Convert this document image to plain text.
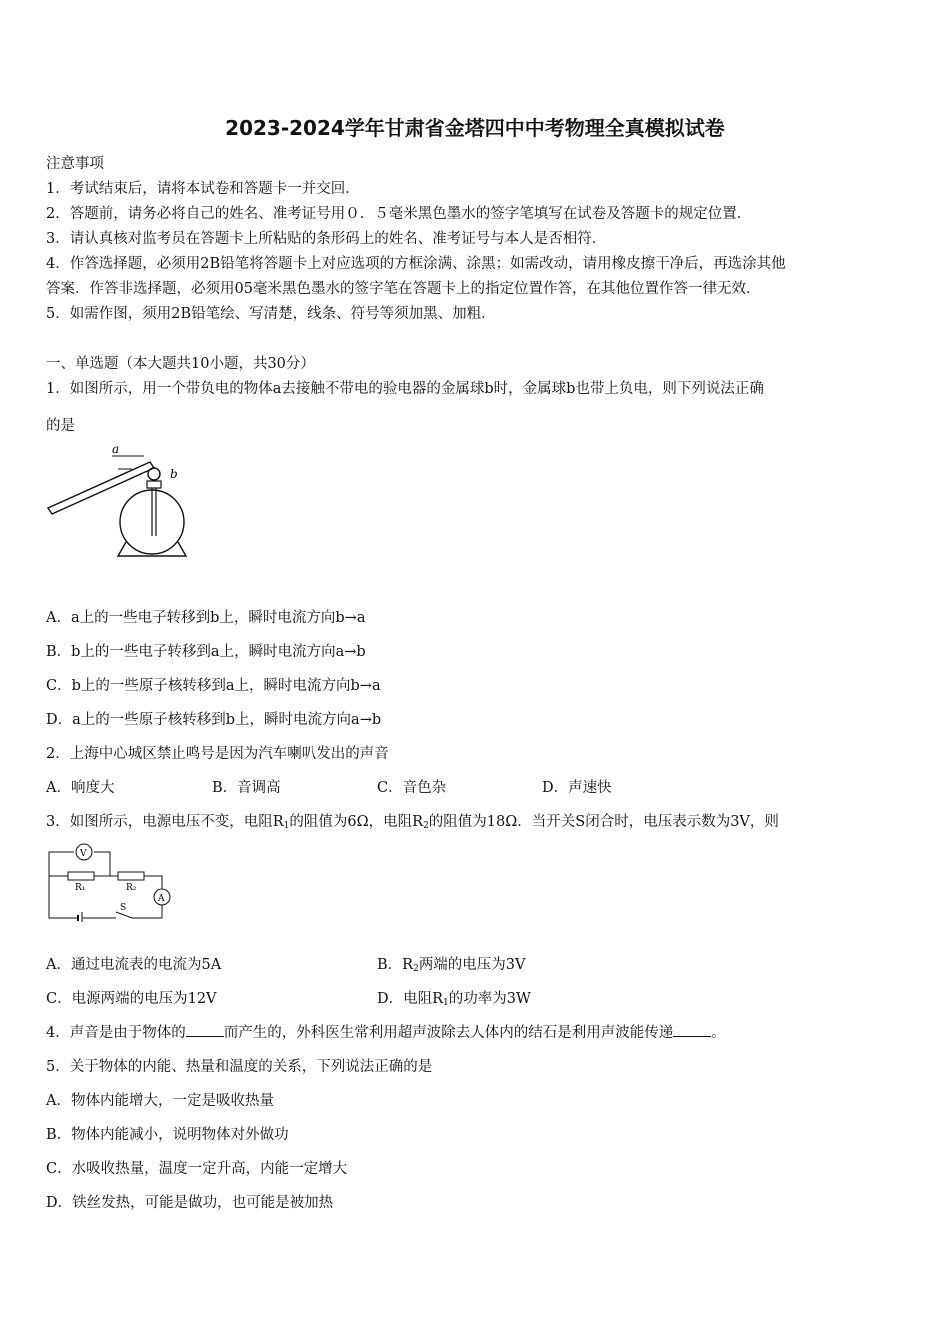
2023-2024学年甘肃省金塔四中中考物理全真模拟试卷
注意事项
1．考试结束后，请将本试卷和答题卡一并交回．
2．答题前，请务必将自己的姓名、准考证号用０．５毫米黑色墨水的签字笔填写在试卷及答题卡的规定位置．
3．请认真核对监考员在答题卡上所粘贴的条形码上的姓名、准考证号与本人是否相符．
4．作答选择题，必须用2B铅笔将答题卡上对应选项的方框涂满、涂黑；如需改动，请用橡皮擦干净后，再选涂其他
答案．作答非选择题，必须用05毫米黑色墨水的签字笔在答题卡上的指定位置作答，在其他位置作答一律无效．
5．如需作图，须用2B铅笔绘、写清楚，线条、符号等须加黑、加粗．
一、单选题（本大题共10小题，共30分）
1．如图所示，用一个带负电的物体a去接触不带电的验电器的金属球b时，金属球b也带上负电，则下列说法正确
的是
a
b
A．a上的一些电子转移到b上，瞬时电流方向b→a
B．b上的一些电子转移到a上，瞬时电流方向a→b
C．b上的一些原子核转移到a上，瞬时电流方向b→a
D．a上的一些原子核转移到b上，瞬时电流方向a→b
2．上海中心城区禁止鸣号是因为汽车喇叭发出的声音
A．响度大	B．音调高	C．音色杂	D．声速快
3．如图所示，电源电压不变，电阻$R_1$的阻值为6Ω，电阻$R_2$的阻值为18Ω．当开关S闭合时，电压表示数为3V，则
V
R₁	R₂
A
S
A．通过电流表的电流为5A	B．$R_2$两端的电压为3V
C．电源两端的电压为12V	D．电阻$R_1$的功率为3W
4．声音是由于物体的	而产生的，外科医生常利用超声波除去人体内的结石是利用声波能传递	。
5．关于物体的内能、热量和温度的关系，下列说法正确的是
A．物体内能增大，一定是吸收热量
B．物体内能减小，说明物体对外做功
C．水吸收热量，温度一定升高，内能一定增大
D．铁丝发热，可能是做功，也可能是被加热
